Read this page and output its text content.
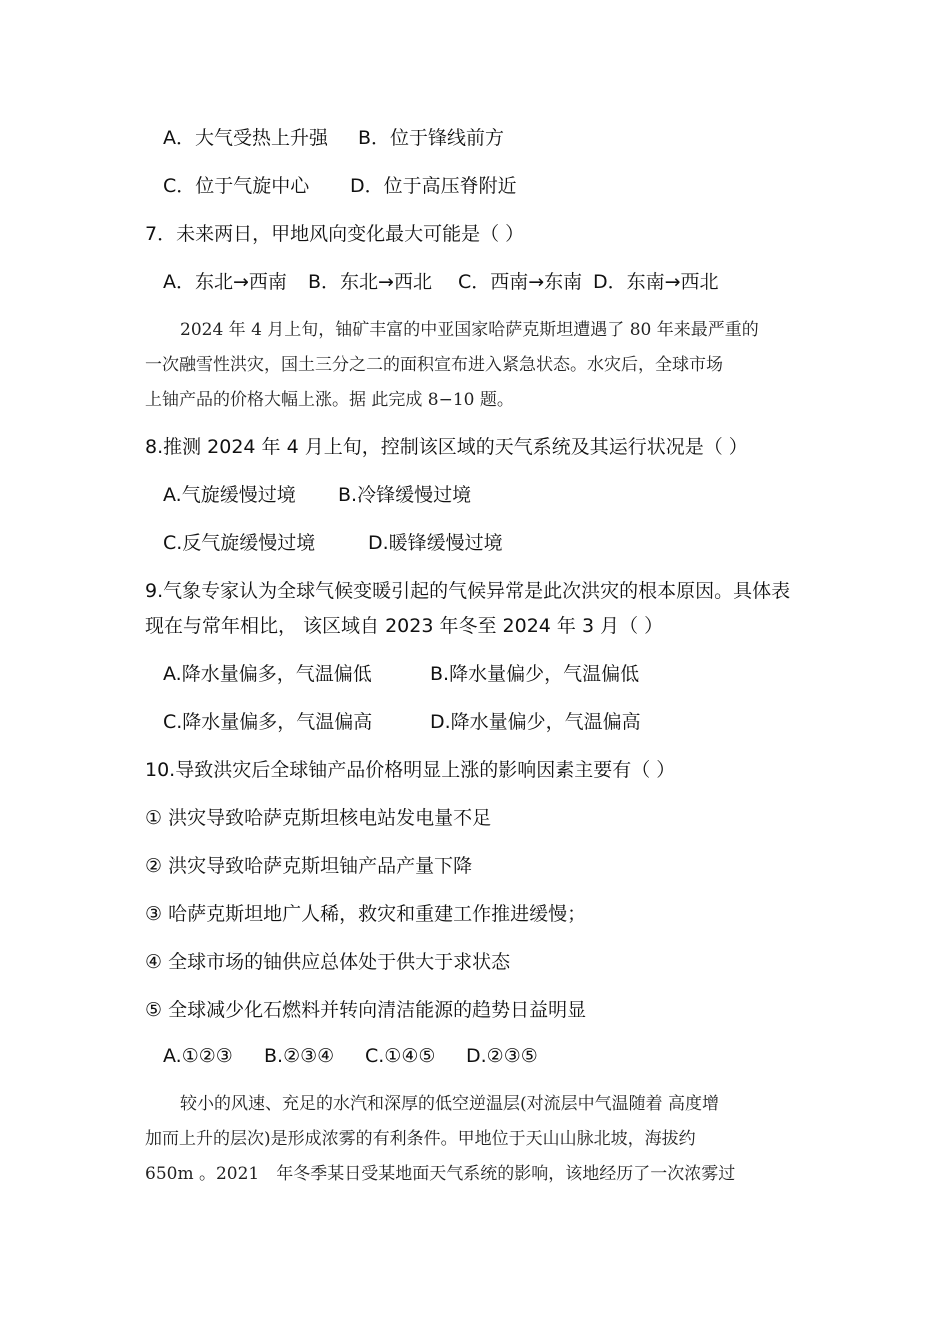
A．大气受热上升强

B．位于锋线前方

C．位于气旋中心

D．位于高压脊附近

7．未来两日，甲地风向变化最大可能是（ ）

A．东北→西南

B．东北→西北

C．西南→东南

D．东南→西北

2024 年 4 月上旬，铀矿丰富的中亚国家哈萨克斯坦遭遇了 80 年来最严重的
一次融雪性洪灾，国土三分之二的面积宣布进入紧急状态。水灾后，全球市场
上铀产品的价格大幅上涨。据 此完成 8−10 题。
8.推测 2024 年 4 月上旬，控制该区域的天气系统及其运行状况是（ ）

A.气旋缓慢过境

B.冷锋缓慢过境

C.反气旋缓慢过境

	D.暖锋缓慢过境

9.气象专家认为全球气候变暖引起的气候异常是此次洪灾的根本原因。具体表
现在与常年相比， 该区域自 2023 年冬至 2024 年 3 月（ ）

A.降水量偏多，气温偏低

	B.降水量偏少，气温偏低

C.降水量偏多，气温偏高

	D.降水量偏少，气温偏高

10.导致洪灾后全球铀产品价格明显上涨的影响因素主要有（ ）
① 洪灾导致哈萨克斯坦核电站发电量不足
② 洪灾导致哈萨克斯坦铀产品产量下降
③ 哈萨克斯坦地广人稀，救灾和重建工作推进缓慢；
④ 全球市场的铀供应总体处于供大于求状态
⑤ 全球减少化石燃料并转向清洁能源的趋势日益明显

A.①②③

B.②③④

C.①④⑤

D.②③⑤

较小的风速、充足的水汽和深厚的低空逆温层(对流层中气温随着 高度增
加而上升的层次)是形成浓雾的有利条件。甲地位于天山山脉北坡，海拔约
650m 。2021　年冬季某日受某地面天气系统的影响，该地经历了一次浓雾过
